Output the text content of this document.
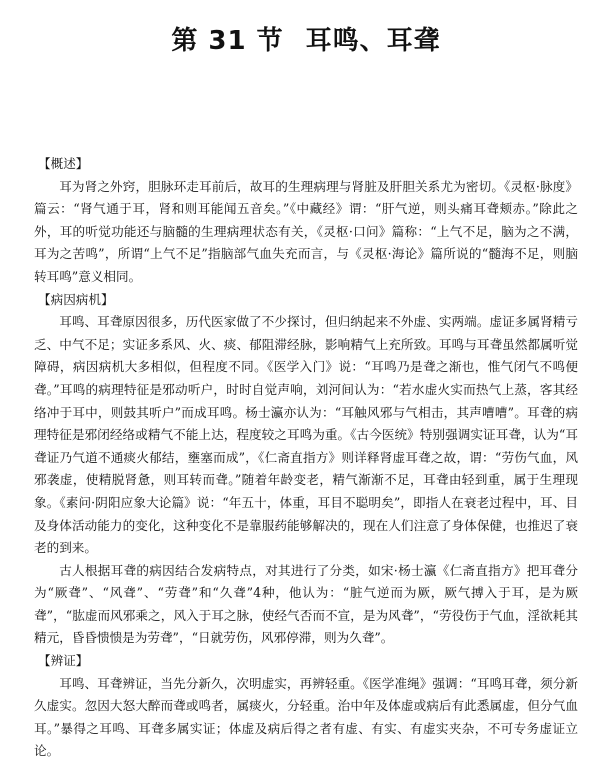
第 31 节 耳鸣、耳聋
【概述】

耳为肾之外窍，胆脉环走耳前后，故耳的生理病理与肾脏及肝胆关系尤为密切。《灵枢·脉度》篇云：“肾气通于耳，肾和则耳能闻五音矣。”《中藏经》谓：“肝气逆，则头痛耳聋颊赤。”除此之外，耳的听觉功能还与脑髓的生理病理状态有关，《灵枢·口问》篇称：“上气不足，脑为之不满，耳为之苦鸣”，所谓“上气不足”指脑部气血失充而言，与《灵枢·海论》篇所说的“髓海不足，则脑转耳鸣”意义相同。

【病因病机】

耳鸣、耳聋原因很多，历代医家做了不少探讨，但归纳起来不外虚、实两端。虚证多属肾精亏乏、中气不足；实证多系风、火、痰、郁阻滞经脉，影响精气上充所致。耳鸣与耳聋虽然都属听觉障碍，病因病机大多相似，但程度不同。《医学入门》说：“耳鸣乃是聋之渐也，惟气闭气不鸣便聋。”耳鸣的病理特征是邪动听户，时时自觉声响，刘河间认为：“若水虚火实而热气上蒸，客其经络冲于耳中，则鼓其听户”而成耳鸣。杨士瀛亦认为：“耳触风邪与气相击，其声嘈嘈”。耳聋的病理特征是邪闭经络或精气不能上达，程度较之耳鸣为重。《古今医统》特别强调实证耳聋，认为“耳聋证乃气道不通痰火郁结，壅塞而成”，《仁斋直指方》则详释肾虚耳聋之故，谓：“劳伤气血，风邪袭虚，使精脱肾惫，则耳转而聋。”随着年龄变老，精气渐渐不足，耳聋由轻到重，属于生理现象。《素问·阴阳应象大论篇》说：“年五十，体重，耳目不聪明矣”，即指人在衰老过程中，耳、目及身体活动能力的变化，这种变化不是靠服药能够解决的，现在人们注意了身体保健，也推迟了衰老的到来。

古人根据耳聋的病因结合发病特点，对其进行了分类，如宋·杨士瀛《仁斋直指方》把耳聋分为“厥聋”、“风聋”、“劳聋”和“久聋”4种，他认为：“脏气逆而为厥，厥气搏入于耳，是为厥聋”，“肱虚而风邪乘之，风入于耳之脉，使经气否而不宣，是为风聋”，“劳役伤于气血，淫欲耗其精元，昏昏愦愦是为劳聋”，“日就劳伤，风邪停滞，则为久聋”。

【辨证】

耳鸣、耳聋辨证，当先分新久，次明虚实，再辨轻重。《医学准绳》强调：“耳鸣耳聋，须分新久虚实。忽因大怒大醉而聋或鸣者，属痰火，分轻重。治中年及体虚或病后有此悉属虚，但分气血耳。”暴得之耳鸣、耳聋多属实证；体虚及病后得之者有虚、有实、有虚实夹杂，不可专务虚证立论。
